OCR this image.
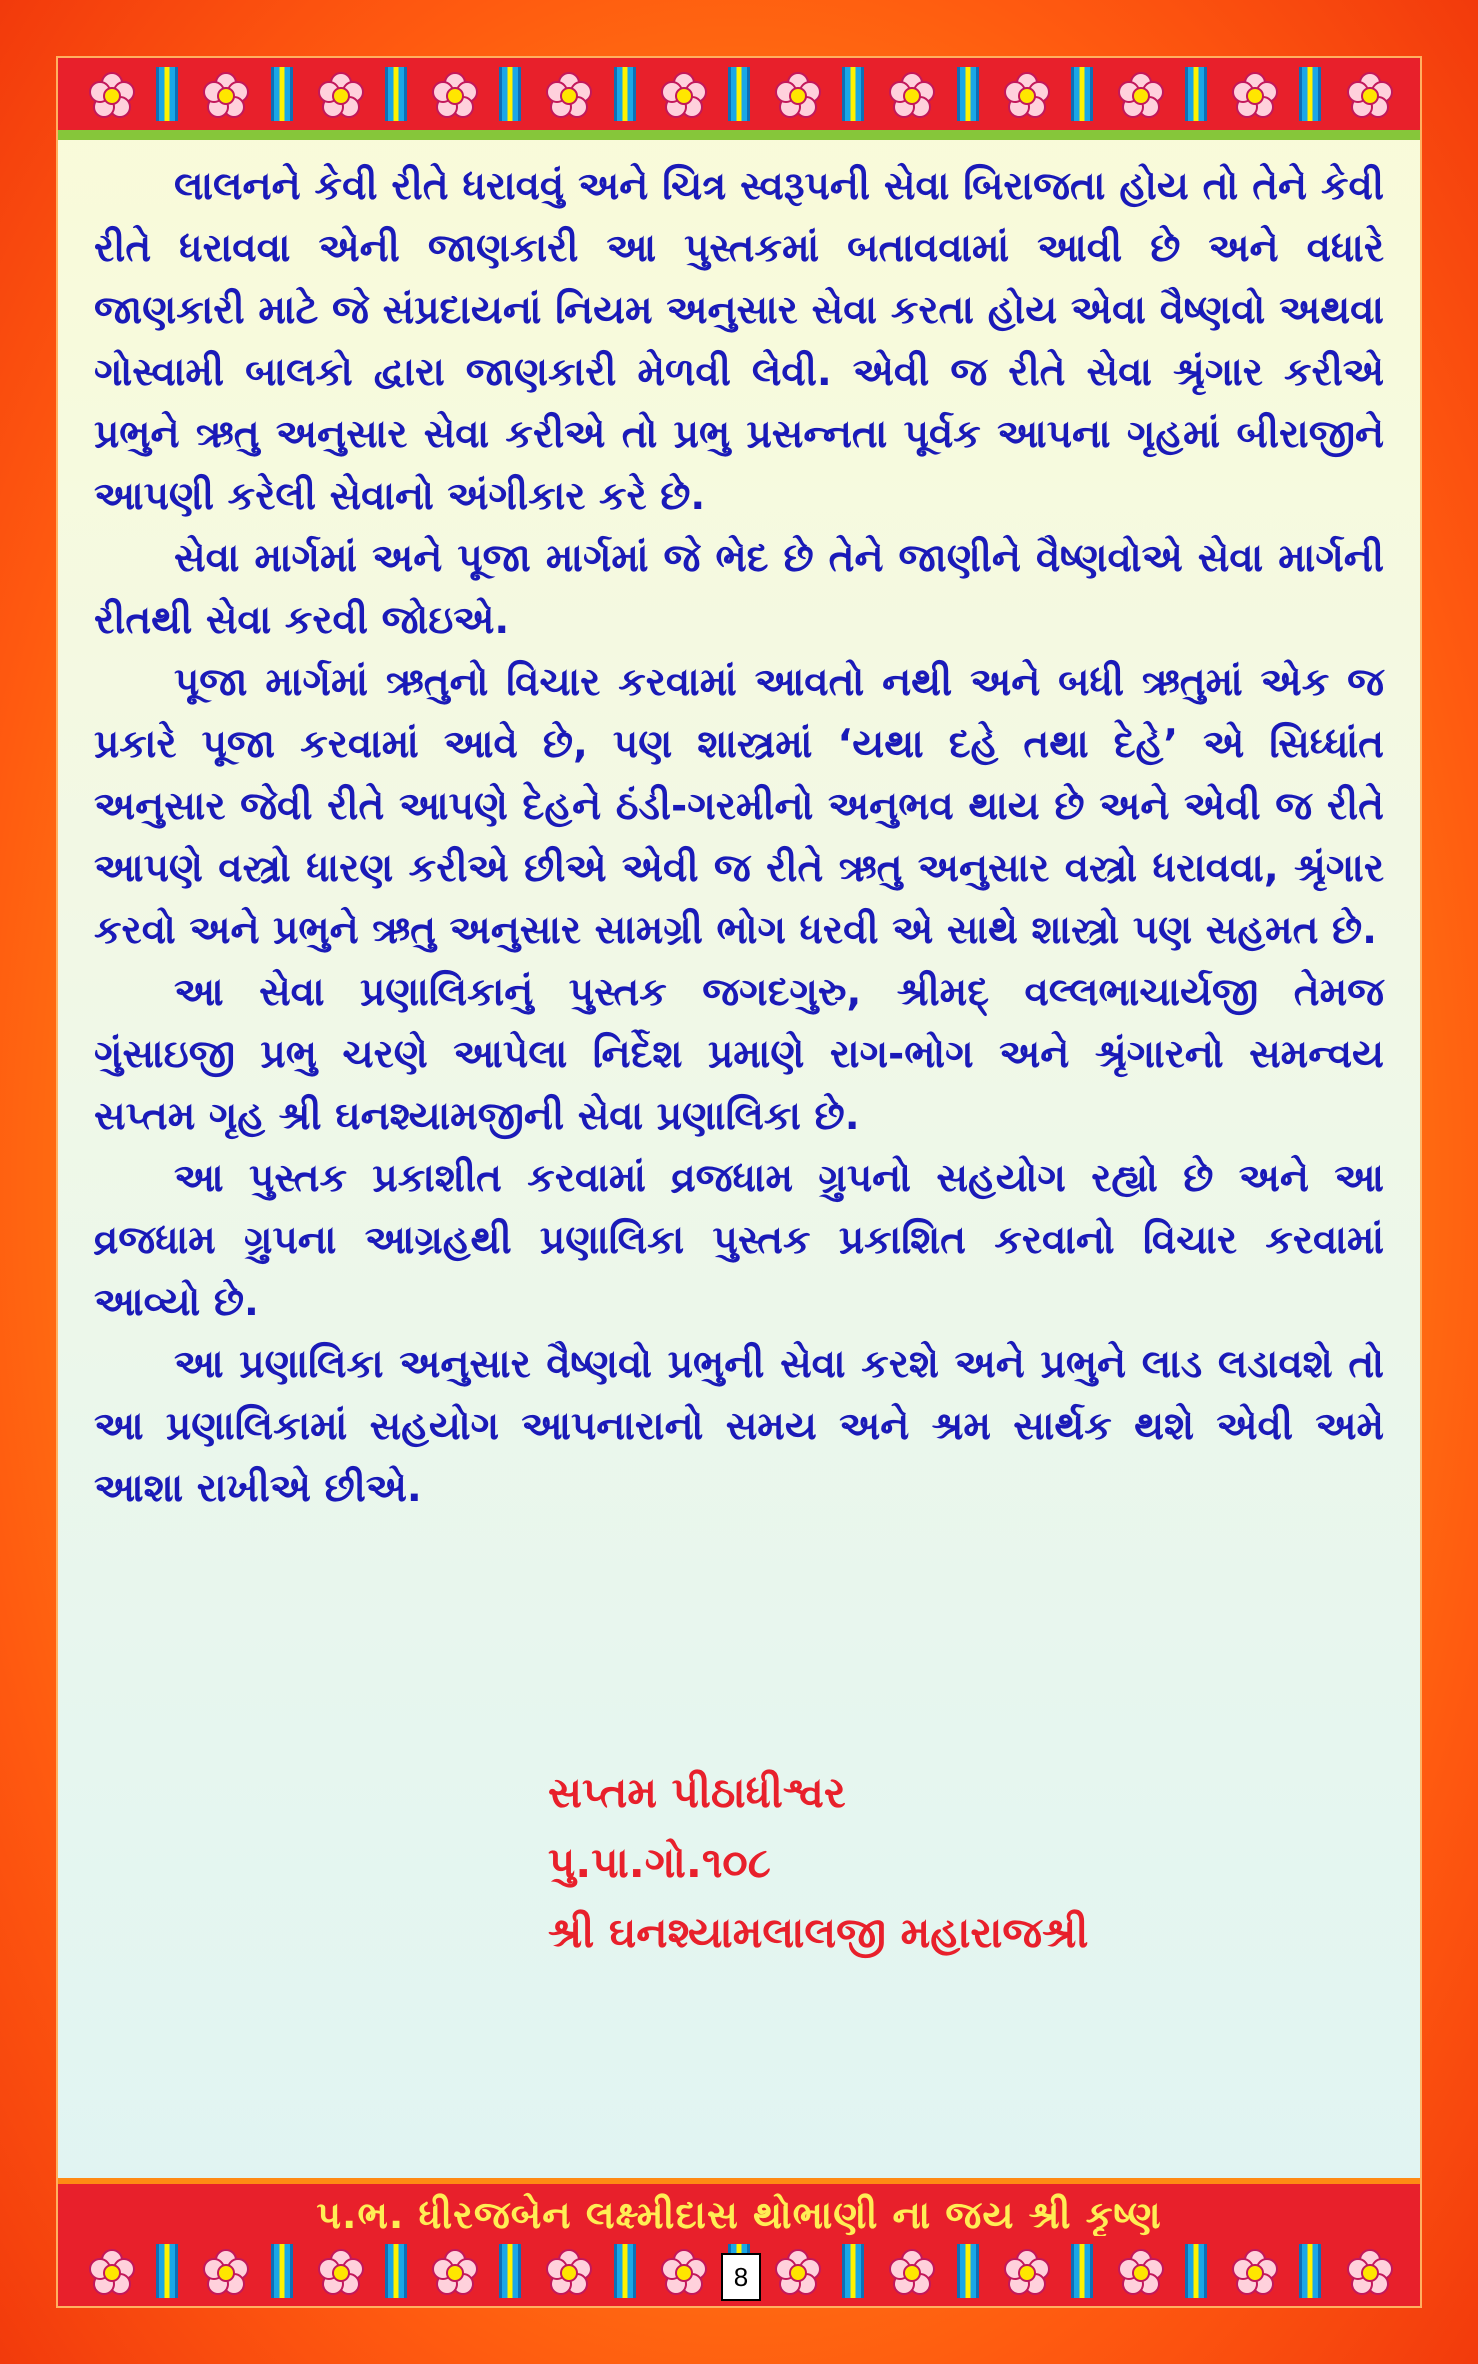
લાલનને કેવી રીતે ધરાવવું અને ચિત્ર સ્વરૂપની સેવા બિરાજતા હોય તો તેને કેવી રીતે ધરાવવા એની જાણકારી આ પુસ્તકમાં બતાવવામાં આવી છે અને વધારે જાણકારી માટે જે સંપ્રદાયનાં નિયમ અનુસાર સેવા કરતા હોય એવા વૈષ્ણવો અથવા ગોસ્વામી બાલકો દ્વારા જાણકારી મેળવી લેવી. એવી જ રીતે સેવા શ્રૃંગાર કરીએ પ્રભુને ઋતુ અનુસાર સેવા કરીએ તો પ્રભુ પ્રસન્નતા પૂર્વક આપના ગૃહમાં બીરાજીને આપણી કરેલી સેવાનો અંગીકાર કરે છે.

સેવા માર્ગમાં અને પૂજા માર્ગમાં જે ભેદ છે તેને જાણીને વૈષ્ણવોએ સેવા માર્ગની રીતથી સેવા કરવી જોઇએ.

પૂજા માર્ગમાં ઋતુનો વિચાર કરવામાં આવતો નથી અને બધી ઋતુમાં એક જ પ્રકારે પૂજા કરવામાં આવે છે, પણ શાસ્ત્રમાં ‘યથા દહે તથા દેહે’ એ સિધ્ધાંત અનુસાર જેવી રીતે આપણે દેહને ઠંડી-ગરમીનો અનુભવ થાય છે અને એવી જ રીતે આપણે વસ્ત્રો ધારણ કરીએ છીએ એવી જ રીતે ઋતુ અનુસાર વસ્ત્રો ધરાવવા, શ્રૃંગાર કરવો અને પ્રભુને ઋતુ અનુસાર સામગ્રી ભોગ ધરવી એ સાથે શાસ્ત્રો પણ સહમત છે.

આ સેવા પ્રણાલિકાનું પુસ્તક જગદગુરુ, શ્રીમદ્ વલ્લભાચાર્યજી તેમજ ગુંસાઇજી પ્રભુ ચરણે આપેલા નિર્દેશ પ્રમાણે રાગ-ભોગ અને શ્રૃંગારનો સમન્વય સપ્તમ ગૃહ શ્રી ઘનશ્યામજીની સેવા પ્રણાલિકા છે.

આ પુસ્તક પ્રકાશીત કરવામાં વ્રજધામ ગ્રુપનો સહયોગ રહ્યો છે અને આ વ્રજધામ ગ્રુપના આગ્રહથી પ્રણાલિકા પુસ્તક પ્રકાશિત કરવાનો વિચાર કરવામાં આવ્યો છે.

આ પ્રણાલિકા અનુસાર વૈષ્ણવો પ્રભુની સેવા કરશે અને પ્રભુને લાડ લડાવશે તો આ પ્રણાલિકામાં સહયોગ આપનારાનો સમય અને શ્રમ સાર્થક થશે એવી અમે આશા રાખીએ છીએ.

સપ્તમ પીઠાધીશ્વર
પુ.પા.ગો.૧૦૮
શ્રી ઘનશ્યામલાલજી મહારાજશ્રી
પ.ભ. ધીરજબેન લક્ષ્મીદાસ થોભાણી ના જય શ્રી કૃષ્ણ
8
